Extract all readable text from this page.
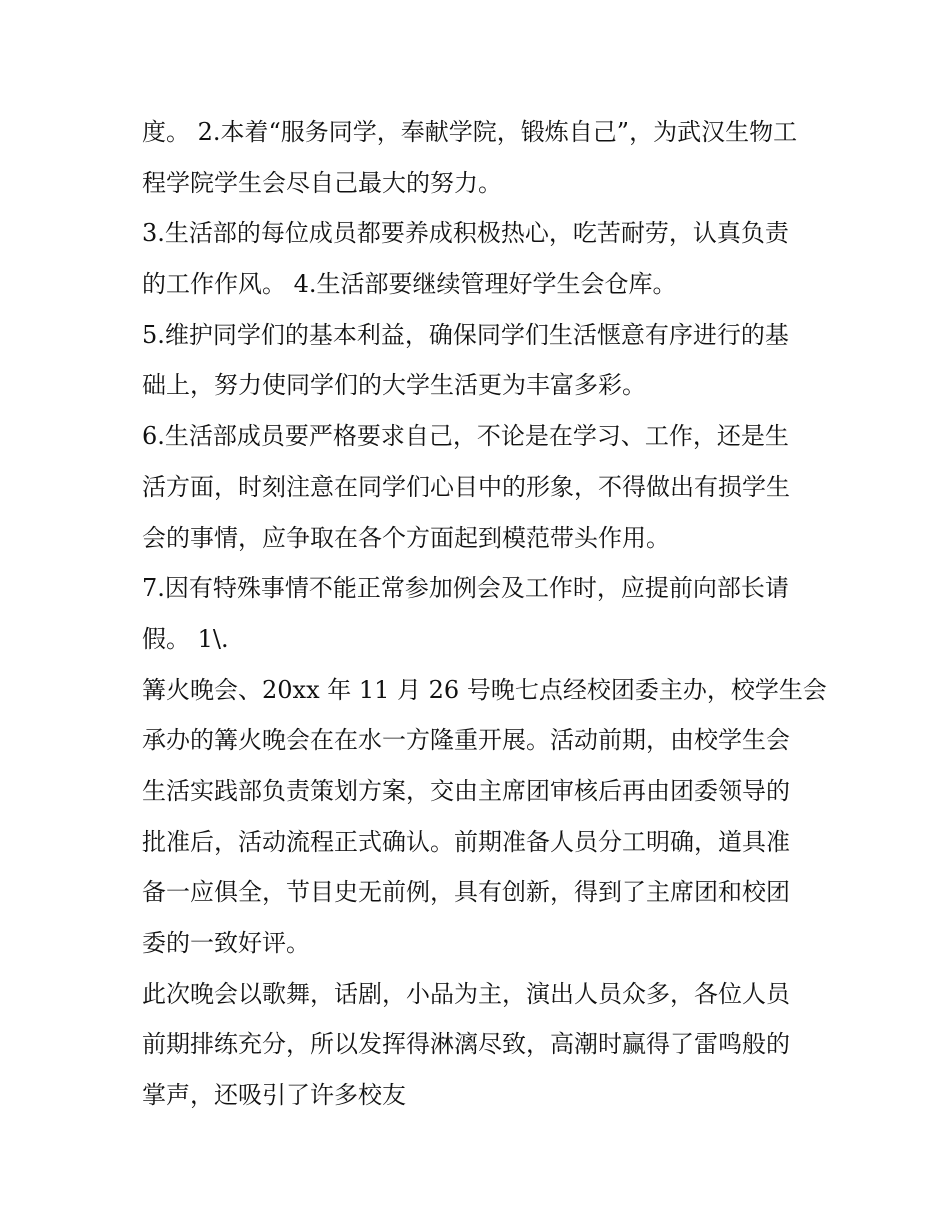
度。 2.本着“服务同学，奉献学院，锻炼自己”，为武汉生物工
程学院学生会尽自己最大的努力。
3.生活部的每位成员都要养成积极热心，吃苦耐劳，认真负责
的工作作风。 4.生活部要继续管理好学生会仓库。
5.维护同学们的基本利益，确保同学们生活惬意有序进行的基
础上，努力使同学们的大学生活更为丰富多彩。
6.生活部成员要严格要求自己，不论是在学习、工作，还是生
活方面，时刻注意在同学们心目中的形象，不得做出有损学生
会的事情，应争取在各个方面起到模范带头作用。
7.因有特殊事情不能正常参加例会及工作时，应提前向部长请
假。 1\.
篝火晚会、20xx 年 11 月 26 号晚七点经校团委主办，校学生会
承办的篝火晚会在在水一方隆重开展。活动前期，由校学生会
生活实践部负责策划方案，交由主席团审核后再由团委领导的
批准后，活动流程正式确认。前期准备人员分工明确，道具准
备一应俱全，节目史无前例，具有创新，得到了主席团和校团
委的一致好评。
此次晚会以歌舞，话剧，小品为主，演出人员众多，各位人员
前期排练充分，所以发挥得淋漓尽致，高潮时赢得了雷鸣般的
掌声，还吸引了许多校友
